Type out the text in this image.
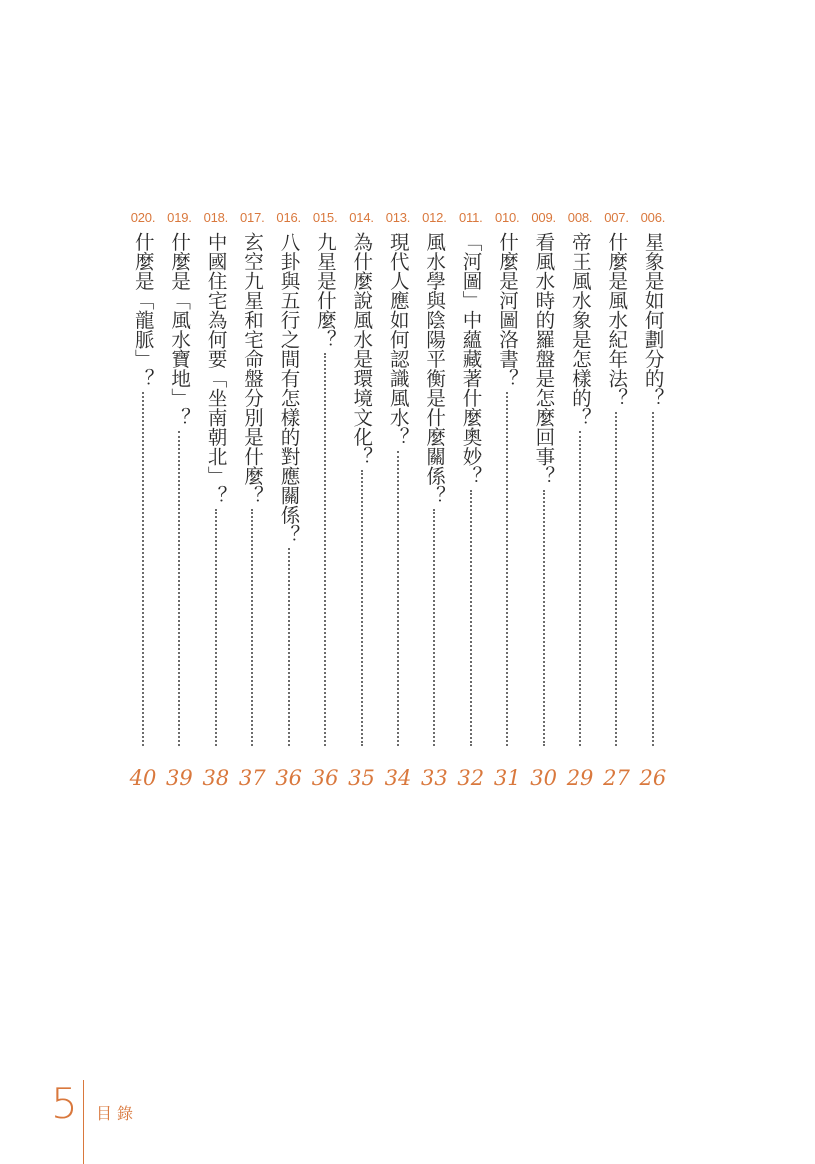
006.
星象是如何劃分的？
26
007.
什麼是風水紀年法？
27
008.
帝王風水象是怎樣的？
29
009.
看風水時的羅盤是怎麼回事？
30
010.
什麼是河圖洛書？
31
011.
「河圖」中蘊藏著什麼奧妙？
32
012.
風水學與陰陽平衡是什麼關係？
33
013.
現代人應如何認識風水？
34
014.
為什麼說風水是環境文化？
35
015.
九星是什麼？
36
016.
八卦與五行之間有怎樣的對應關係？
36
017.
玄空九星和宅命盤分別是什麼？
37
018.
中國住宅為何要「坐南朝北」？
38
019.
什麼是「風水寶地」？
39
020.
什麼是「龍脈」？
40
5 目錄
